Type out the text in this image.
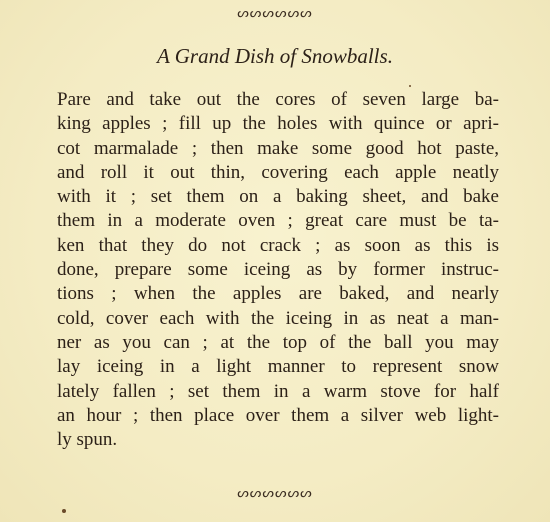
ᔕᔕᔕᔕᔕᔕ
A Grand Dish of Snowballs.
Pare and take out the cores of seven large ba-
king apples ; fill up the holes with quince or apri-
cot marmalade ; then make some good hot paste,
and roll it out thin, covering each apple neatly
with it ; set them on a baking sheet, and bake
them in a moderate oven ; great care must be ta-
ken that they do not crack ; as soon as this is
done, prepare some iceing as by former instruc-
tions ; when the apples are baked, and nearly
cold, cover each with the iceing in as neat a man-
ner as you can ; at the top of the ball you may
lay iceing in a light manner to represent snow
lately fallen ; set them in a warm stove for half
an hour ; then place over them a silver web light-
ly spun.
ᔕᔕᔕᔕᔕᔕ
